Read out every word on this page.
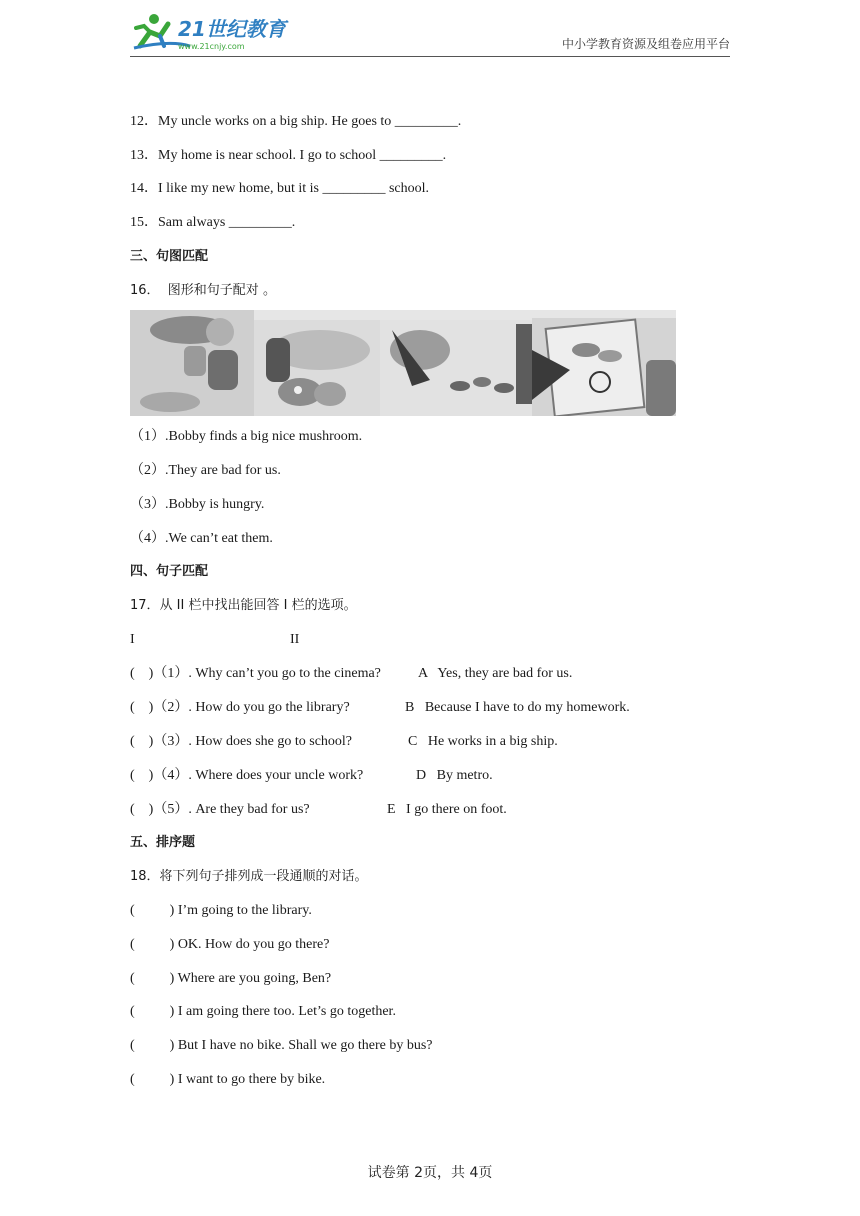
21世纪教育
www.21cnjy.com	中小学教育资源及组卷应用平台
12．My uncle works on a big ship. He goes to _________.
13．My home is near school. I go to school _________.
14．I like my new home, but it is _________ school.
15．Sam always _________.
三、句图匹配
16．  图形和句子配对 。
（1）.Bobby finds a big nice mushroom.
（2）.They are bad for us.
（3）.Bobby is hungry.
（4）.We can’t eat them.
四、句子匹配
17．从 II 栏中找出能回答 I 栏的选项。
I	II
(    )（1）. Why can’t you go to the cinema?	A   Yes, they are bad for us.
(    )（2）. How do you go the library?	B   Because I have to do my homework.
(    )（3）. How does she go to school?	C   He works in a big ship.
(    )（4）. Where does your uncle work?	D   By metro.
(    )（5）. Are they bad for us?	E   I go there on foot.
五、排序题
18．将下列句子排列成一段通顺的对话。
(          ) I’m going to the library.
(          ) OK. How do you go there?
(          ) Where are you going, Ben?
(          ) I am going there too. Let’s go together.
(          ) But I have no bike. Shall we go there by bus?
(          ) I want to go there by bike.
试卷第 2页，共 4页
